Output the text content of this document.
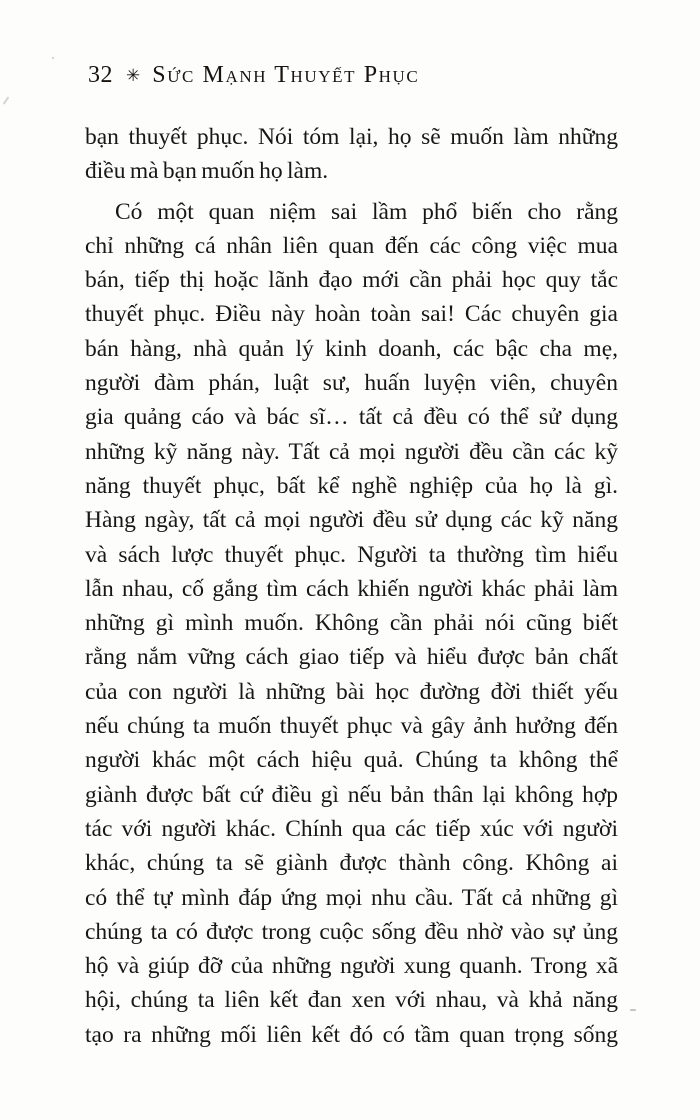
32 ✳ Sức Mạnh Thuyết Phục
bạn thuyết phục. Nói tóm lại, họ sẽ muốn làm những
điều mà bạn muốn họ làm.
Có một quan niệm sai lầm phổ biến cho rằng
chỉ những cá nhân liên quan đến các công việc mua
bán, tiếp thị hoặc lãnh đạo mới cần phải học quy tắc
thuyết phục. Điều này hoàn toàn sai! Các chuyên gia
bán hàng, nhà quản lý kinh doanh, các bậc cha mẹ,
người đàm phán, luật sư, huấn luyện viên, chuyên
gia quảng cáo và bác sĩ… tất cả đều có thể sử dụng
những kỹ năng này. Tất cả mọi người đều cần các kỹ
năng thuyết phục, bất kể nghề nghiệp của họ là gì.
Hàng ngày, tất cả mọi người đều sử dụng các kỹ năng
và sách lược thuyết phục. Người ta thường tìm hiểu
lẫn nhau, cố gắng tìm cách khiến người khác phải làm
những gì mình muốn. Không cần phải nói cũng biết
rằng nắm vững cách giao tiếp và hiểu được bản chất
của con người là những bài học đường đời thiết yếu
nếu chúng ta muốn thuyết phục và gây ảnh hưởng đến
người khác một cách hiệu quả. Chúng ta không thể
giành được bất cứ điều gì nếu bản thân lại không hợp
tác với người khác. Chính qua các tiếp xúc với người
khác, chúng ta sẽ giành được thành công. Không ai
có thể tự mình đáp ứng mọi nhu cầu. Tất cả những gì
chúng ta có được trong cuộc sống đều nhờ vào sự ủng
hộ và giúp đỡ của những người xung quanh. Trong xã
hội, chúng ta liên kết đan xen với nhau, và khả năng
tạo ra những mối liên kết đó có tầm quan trọng sống
